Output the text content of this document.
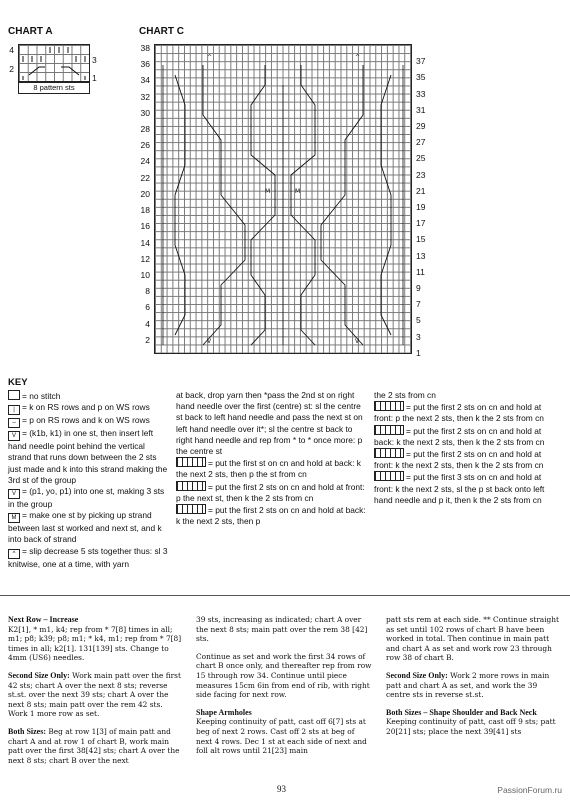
CHART A
4
2
3
1
8 pattern sts
CHART C
38
36
34
32
30
28
26
24
22
20
18
16
14
12
10
8
6
4
2
37
35
33
31
29
27
25
23
21
19
17
15
13
11
9
7
5
3
1
V	V
^	^
M	M
KEY

= no stitch

| = k on RS rows and p on WS rows

– = p on RS rows and k on WS rows

V = (k1b, k1) in one st, then insert left hand needle point behind the vertical strand that runs down between the 2 sts just made and k into this strand making the 3rd st of the group

V = (p1, yo, p1) into one st, making 3 sts in the group

M = make one st by picking up strand between last st worked and next st, and k into back of strand

^ = slip decrease 5 sts together thus: sl 3 knitwise, one at a time, with yarn

at back, drop yarn then *pass the 2nd st on right hand needle over the first (centre) st: sl the centre st back to left hand needle and pass the next st on left hand needle over it*; sl the centre st back to right hand needle and rep from * to * once more: p the centre st

= put the first st on cn and hold at back: k the next 2 sts, then p the st from cn

= put the first 2 sts on cn and hold at front: p the next st, then k the 2 sts from cn

= put the first 2 sts on cn and hold at back: k the next 2 sts, then p

the 2 sts from cn

= put the first 2 sts on cn and hold at front: p the next 2 sts, then k the 2 sts from cn

= put the first 2 sts on cn and hold at back: k the next 2 sts, then k the 2 sts from cn

= put the first 2 sts on cn and hold at front: k the next 2 sts, then k the 2 sts from cn

= put the first 3 sts on cn and hold at front: k the next 2 sts, sl the p st back onto left hand needle and p it, then k the 2 sts from cn

Next Row – Increase
K2[1], * m1, k4; rep from * 7[8] times in all; m1; p8; k39; p8; m1; * k4, m1; rep from * 7[8] times in all; k2[1]. 131[139] sts. Change to 4mm (US6) needles.

Second Size Only: Work main patt over the first 42 sts; chart A over the next 8 sts; reverse st.st. over the next 39 sts; chart A over the next 8 sts; main patt over the rem 42 sts. Work 1 more row as set.

Both Sizes: Beg at row 1[3] of main patt and chart A and at row 1 of chart B, work main patt over the first 38[42] sts; chart A over the next 8 sts; chart B over the next

39 sts, increasing as indicated; chart A over the next 8 sts; main patt over the rem 38 [42] sts.

Continue as set and work the first 34 rows of chart B once only, and thereafter rep from row 15 through row 34. Continue until piece measures 15cm 6in from end of rib, with right side facing for next row.

Shape Armholes
Keeping continuity of patt, cast off 6[7] sts at beg of next 2 rows. Cast off 2 sts at beg of next 4 rows. Dec 1 st at each side of next and foll alt rows until 21[23] main

patt sts rem at each side. ** Continue straight as set until 102 rows of chart B have been worked in total. Then continue in main patt and chart A as set and work row 23 through row 38 of chart B.

Second Size Only: Work 2 more rows in main patt and chart A as set, and work the 39 centre sts in reverse st.st.

Both Sizes – Shape Shoulder and Back Neck
Keeping continuity of patt, cast off 9 sts; patt 20[21] sts; place the next 39[41] sts

93	PassionForum.ru
